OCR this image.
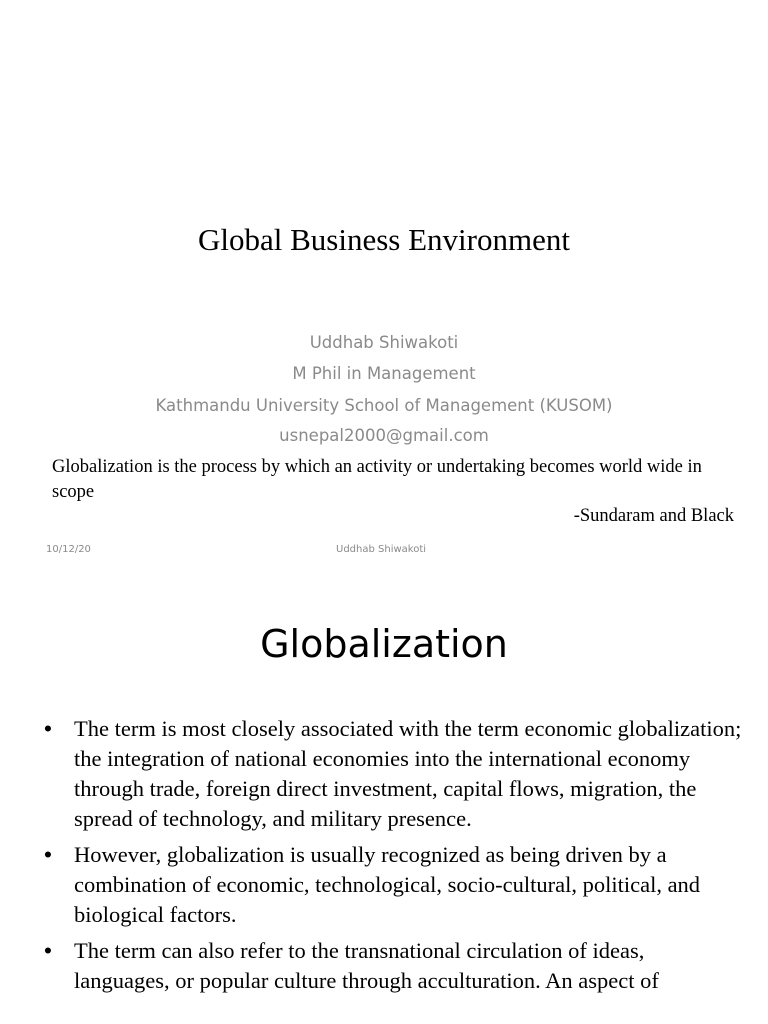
Global Business Environment
Uddhab Shiwakoti
M Phil in Management
Kathmandu University School of Management (KUSOM)
usnepal2000@gmail.com
Globalization is the process by which an activity or undertaking becomes world wide in scope
-Sundaram and Black
10/12/20	Uddhab Shiwakoti
Globalization
• The term is most closely associated with the term economic globalization; the integration of national economies into the international economy through trade, foreign direct investment, capital flows, migration, the spread of technology, and military presence.
• However, globalization is usually recognized as being driven by a combination of economic, technological, socio-cultural, political, and biological factors.
• The term can also refer to the transnational circulation of ideas, languages, or popular culture through acculturation. An aspect of
